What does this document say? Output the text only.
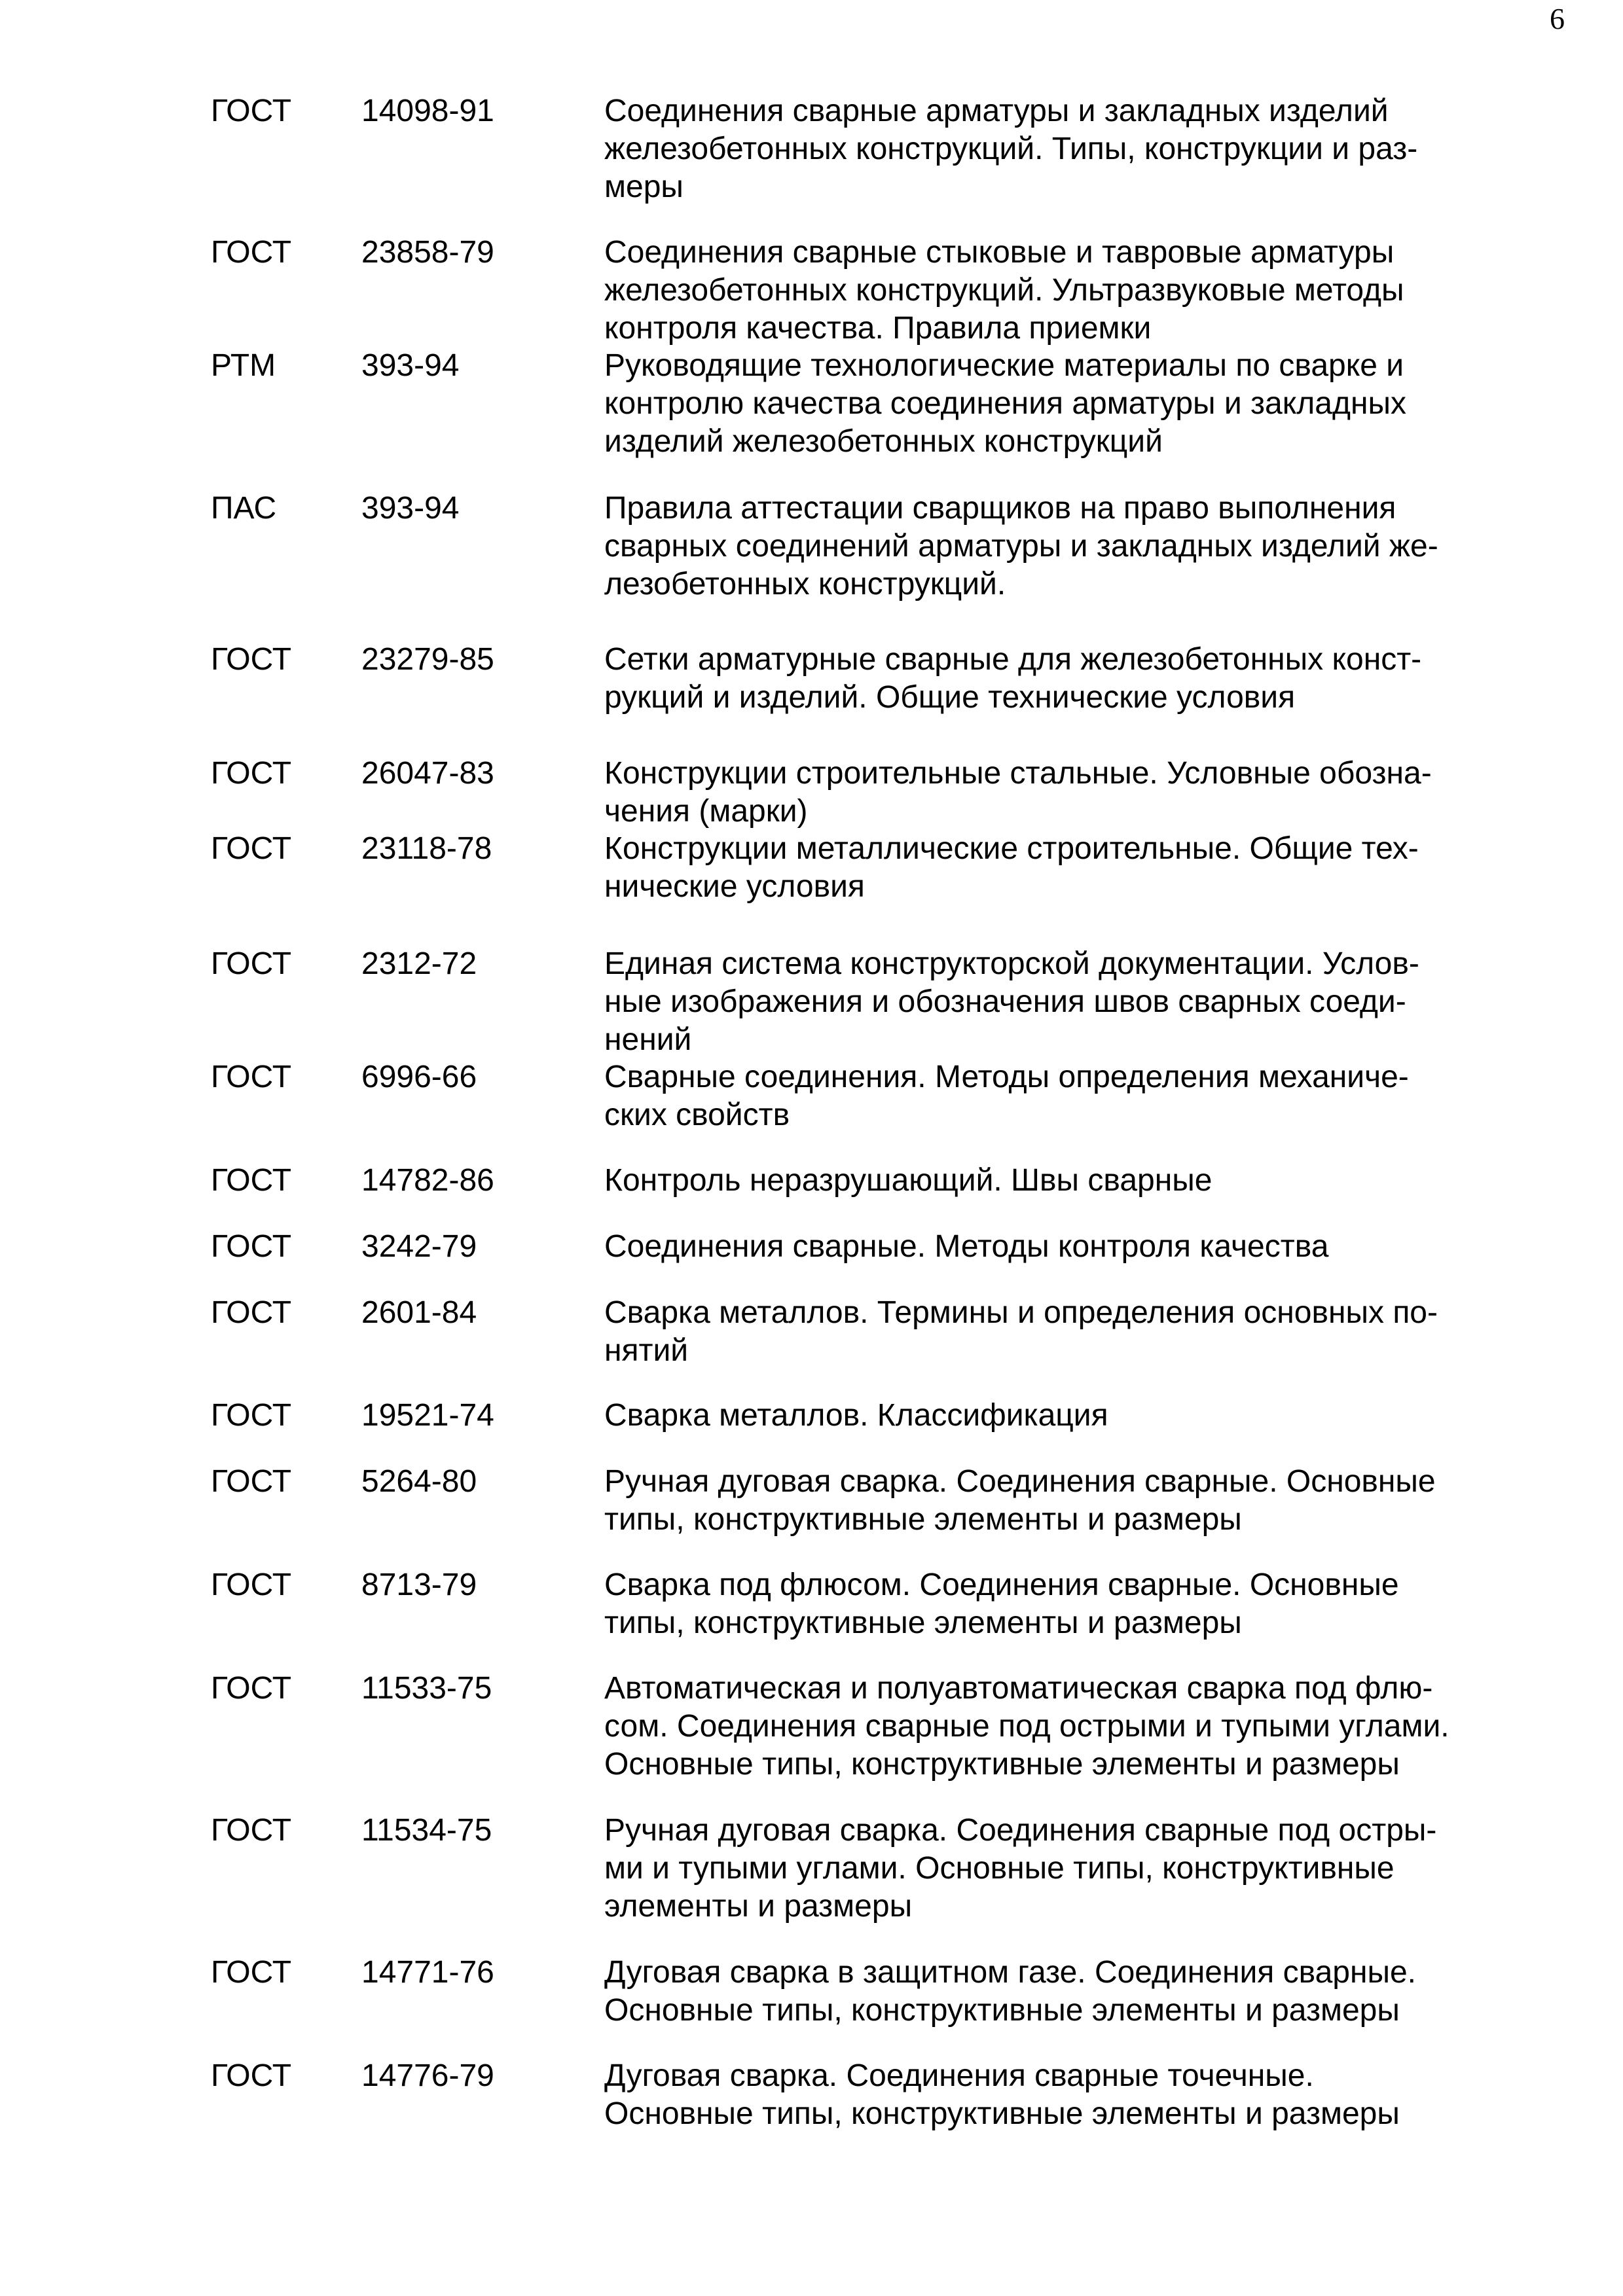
6
ГОСТ 14098-91	Соединения сварные арматуры и закладных изделий
железобетонных конструкций. Типы, конструкции и раз-
меры
ГОСТ 23858-79	Соединения сварные стыковые и тавровые арматуры
железобетонных конструкций. Ультразвуковые методы
контроля качества. Правила приемки
РТМ	393-94	Руководящие технологические материалы по сварке и
контролю качества соединения арматуры и закладных
изделий железобетонных конструкций
ПАС	393-94	Правила аттестации сварщиков на право выполнения
сварных соединений арматуры и закладных изделий же-
лезобетонных конструкций.
ГОСТ 23279-85	Сетки арматурные сварные для железобетонных конст-
рукций и изделий. Общие технические условия
ГОСТ 26047-83	Конструкции строительные стальные. Условные обозна-
чения (марки)
ГОСТ 23118-78	Конструкции металлические строительные. Общие тех-
нические условия
ГОСТ 2312-72	Единая система конструкторской документации. Услов-
ные изображения и обозначения швов сварных соеди-
нений
ГОСТ 6996-66	Сварные соединения. Методы определения механиче-
ских свойств
ГОСТ 14782-86	Контроль неразрушающий. Швы сварные
ГОСТ 3242-79	Соединения сварные. Методы контроля качества
ГОСТ 2601-84	Сварка металлов. Термины и определения основных по-
нятий
ГОСТ 19521-74	Сварка металлов. Классификация
ГОСТ 5264-80	Ручная дуговая сварка. Соединения сварные. Основные
типы, конструктивные элементы и размеры
ГОСТ 8713-79	Сварка под флюсом. Соединения сварные. Основные
типы, конструктивные элементы и размеры
ГОСТ 11533-75	Автоматическая и полуавтоматическая сварка под флю-
сом. Соединения сварные под острыми и тупыми углами.
Основные типы, конструктивные элементы и размеры
ГОСТ 11534-75	Ручная дуговая сварка. Соединения сварные под остры-
ми и тупыми углами. Основные типы, конструктивные
элементы и размеры
ГОСТ 14771-76	Дуговая сварка в защитном газе. Соединения сварные.
Основные типы, конструктивные элементы и размеры
ГОСТ 14776-79	Дуговая сварка. Соединения сварные точечные.
Основные типы, конструктивные элементы и размеры
